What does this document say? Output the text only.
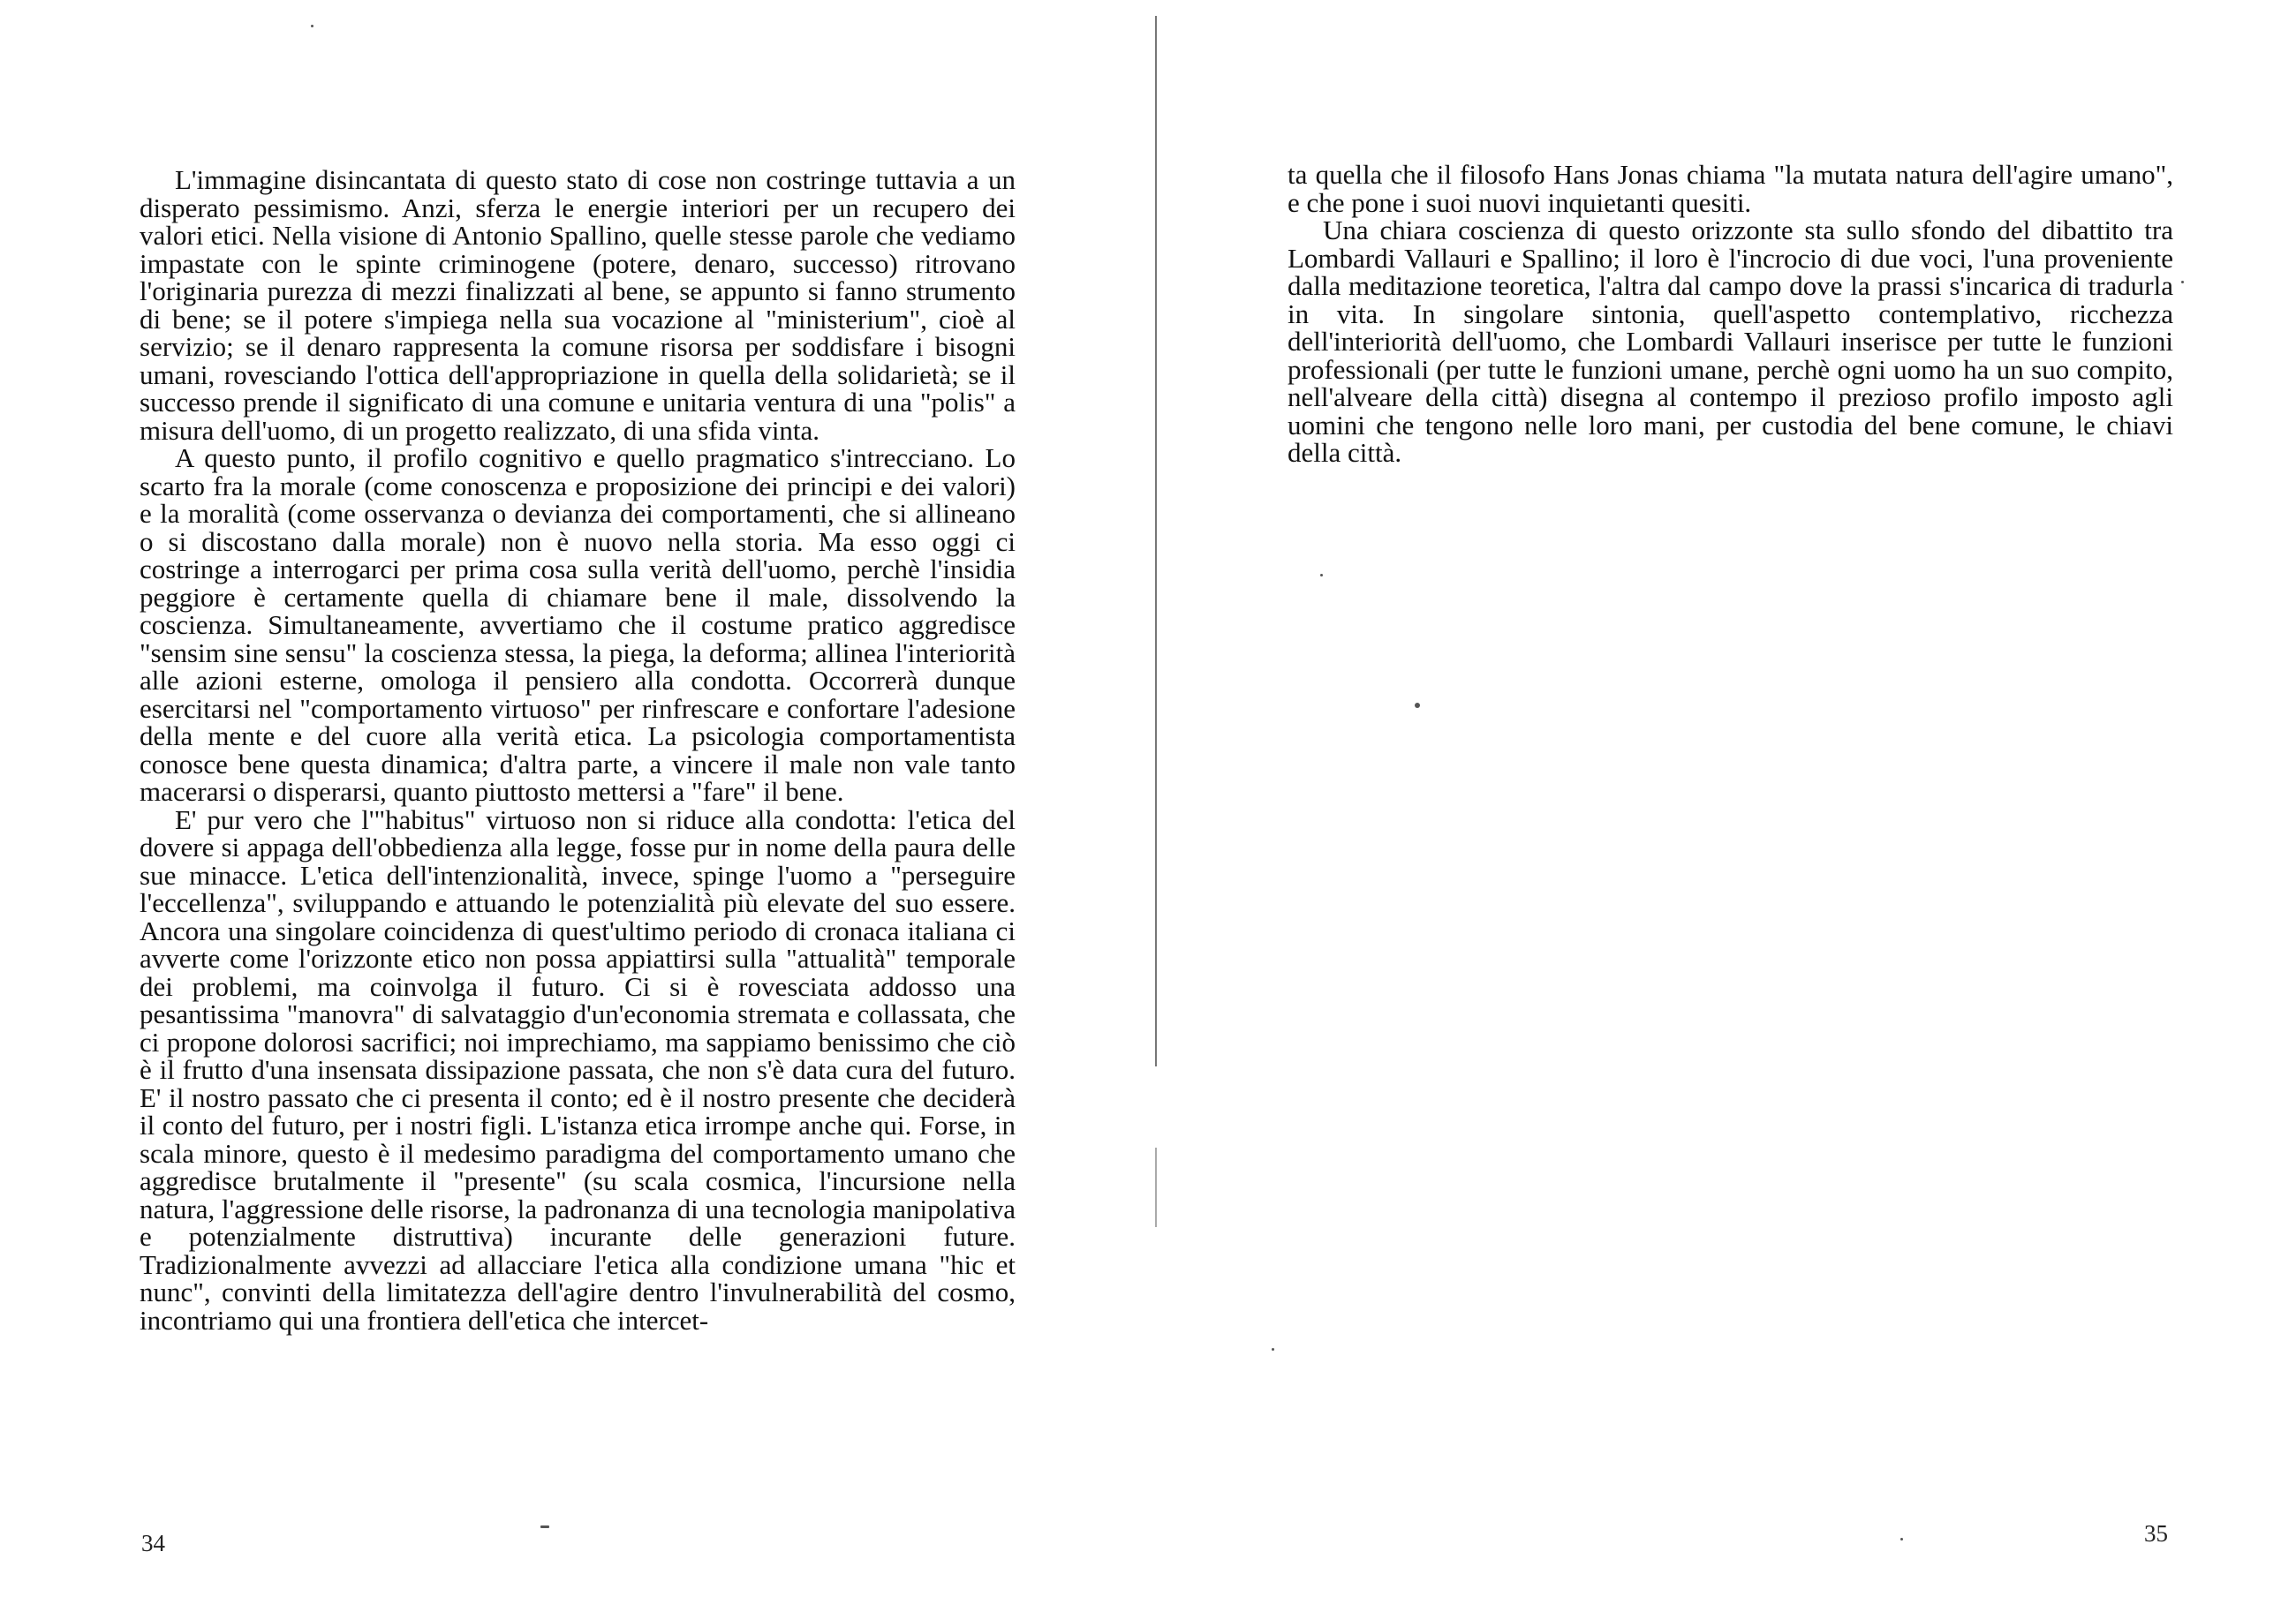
L'immagine disincantata di questo stato di cose non costringe tuttavia a un disperato pessimismo. Anzi, sferza le energie interiori per un recupero dei valori etici. Nella visione di Antonio Spallino, quelle stesse parole che vediamo impastate con le spinte criminogene (potere, denaro, successo) ritrovano l'originaria purezza di mezzi finalizzati al bene, se appunto si fanno strumento di bene; se il potere s'impiega nella sua vocazione al "ministerium", cioè al servizio; se il denaro rappresenta la comune risorsa per soddisfare i bisogni umani, rovesciando l'ottica dell'appropriazione in quella della solidarietà; se il successo prende il significato di una comune e unitaria ventura di una "polis" a misura dell'uomo, di un progetto realizzato, di una sfida vinta.

A questo punto, il profilo cognitivo e quello pragmatico s'intrecciano. Lo scarto fra la morale (come conoscenza e proposizione dei principi e dei valori) e la moralità (come osservanza o devianza dei comportamenti, che si allineano o si discostano dalla morale) non è nuovo nella storia. Ma esso oggi ci costringe a interrogarci per prima cosa sulla verità dell'uomo, perchè l'insidia peggiore è certamente quella di chiamare bene il male, dissolvendo la coscienza. Simultaneamente, avvertiamo che il costume pratico aggredisce "sensim sine sensu" la coscienza stessa, la piega, la deforma; allinea l'interiorità alle azioni esterne, omologa il pensiero alla condotta. Occorrerà dunque esercitarsi nel "comportamento virtuoso" per rinfrescare e confortare l'adesione della mente e del cuore alla verità etica. La psicologia comportamentista conosce bene questa dinamica; d'altra parte, a vincere il male non vale tanto macerarsi o disperarsi, quanto piuttosto mettersi a "fare" il bene.

E' pur vero che l'"habitus" virtuoso non si riduce alla condotta: l'etica del dovere si appaga dell'obbedienza alla legge, fosse pur in nome della paura delle sue minacce. L'etica dell'intenzionalità, invece, spinge l'uomo a "perseguire l'eccellenza", sviluppando e attuando le potenzialità più elevate del suo essere. Ancora una singolare coincidenza di quest'ultimo periodo di cronaca italiana ci avverte come l'orizzonte etico non possa appiattirsi sulla "attualità" temporale dei problemi, ma coinvolga il futuro. Ci si è rovesciata addosso una pesantissima "manovra" di salvataggio d'un'economia stremata e collassata, che ci propone dolorosi sacrifici; noi imprechiamo, ma sappiamo benissimo che ciò è il frutto d'una insensata dissipazione passata, che non s'è data cura del futuro. E' il nostro passato che ci presenta il conto; ed è il nostro presente che deciderà il conto del futuro, per i nostri figli. L'istanza etica irrompe anche qui. Forse, in scala minore, questo è il medesimo paradigma del comportamento umano che aggredisce brutalmente il "presente" (su scala cosmica, l'incursione nella natura, l'aggressione delle risorse, la padronanza di una tecnologia manipolativa e potenzialmente distruttiva) incurante delle generazioni future. Tradizionalmente avvezzi ad allacciare l'etica alla condizione umana "hic et nunc", convinti della limitatezza dell'agire dentro l'invulnerabilità del cosmo, incontriamo qui una frontiera dell'etica che intercet-

34

ta quella che il filosofo Hans Jonas chiama "la mutata natura dell'agire umano", e che pone i suoi nuovi inquietanti quesiti.

Una chiara coscienza di questo orizzonte sta sullo sfondo del dibattito tra Lombardi Vallauri e Spallino; il loro è l'incrocio di due voci, l'una proveniente dalla meditazione teoretica, l'altra dal campo dove la prassi s'incarica di tradurla in vita. In singolare sintonia, quell'aspetto contemplativo, ricchezza dell'interiorità dell'uomo, che Lombardi Vallauri inserisce per tutte le funzioni professionali (per tutte le funzioni umane, perchè ogni uomo ha un suo compito, nell'alveare della città) disegna al contempo il prezioso profilo imposto agli uomini che tengono nelle loro mani, per custodia del bene comune, le chiavi della città.

35
